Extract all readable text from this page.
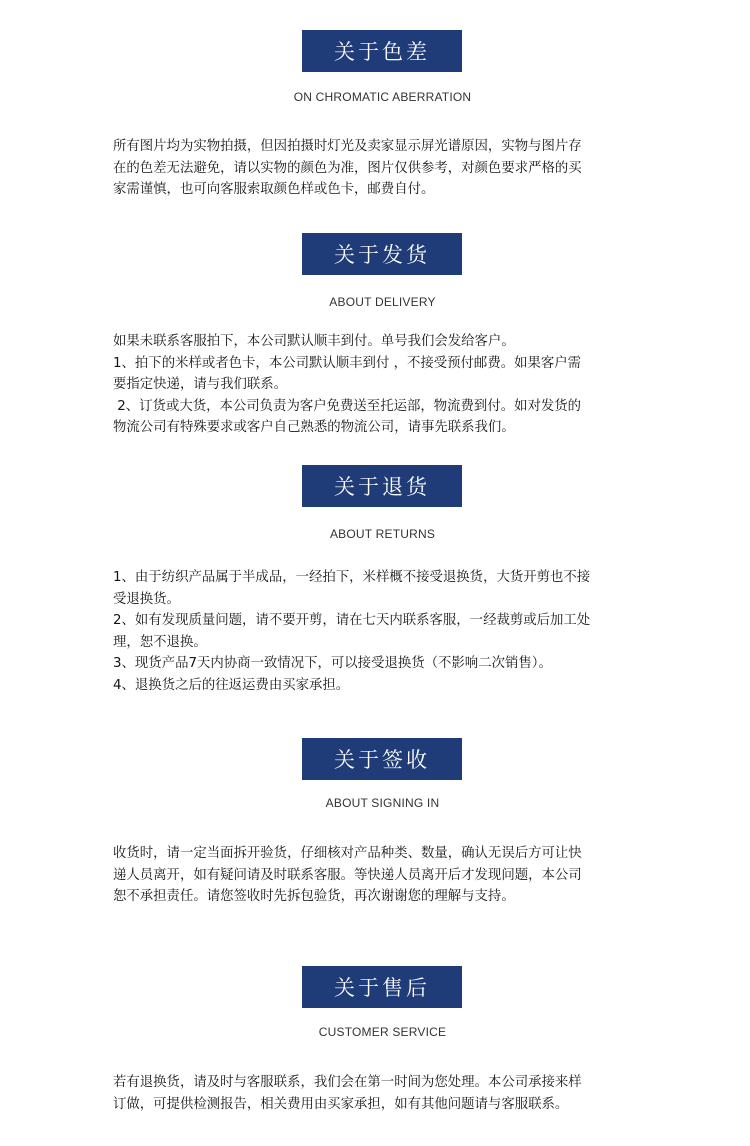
关于色差
ON CHROMATIC ABERRATION
所有图片均为实物拍摄，但因拍摄时灯光及卖家显示屏光谱原因，实物与图片存
在的色差无法避免，请以实物的颜色为准，图片仅供参考，对颜色要求严格的买
家需谨慎，也可向客服索取颜色样或色卡，邮费自付。
关于发货
ABOUT DELIVERY
如果未联系客服拍下，本公司默认顺丰到付。单号我们会发给客户。
1、拍下的米样或者色卡，本公司默认顺丰到付 ，不接受预付邮费。如果客户需
要指定快递，请与我们联系。
2、订货或大货，本公司负责为客户免费送至托运部，物流费到付。如对发货的
物流公司有特殊要求或客户自己熟悉的物流公司，请事先联系我们。
关于退货
ABOUT RETURNS
1、由于纺织产品属于半成品，一经拍下，米样概不接受退换货，大货开剪也不接
受退换货。
2、如有发现质量问题，请不要开剪，请在七天内联系客服，一经裁剪或后加工处
理，恕不退换。
3、现货产品7天内协商一致情况下，可以接受退换货（不影响二次销售）。
4、退换货之后的往返运费由买家承担。
关于签收
ABOUT SIGNING IN
收货时，请一定当面拆开验货，仔细核对产品种类、数量，确认无误后方可让快
递人员离开，如有疑问请及时联系客服。等快递人员离开后才发现问题，本公司
恕不承担责任。请您签收时先拆包验货，再次谢谢您的理解与支持。
关于售后
CUSTOMER SERVICE
若有退换货，请及时与客服联系，我们会在第一时间为您处理。本公司承接来样
订做，可提供检测报告，相关费用由买家承担，如有其他问题请与客服联系。
